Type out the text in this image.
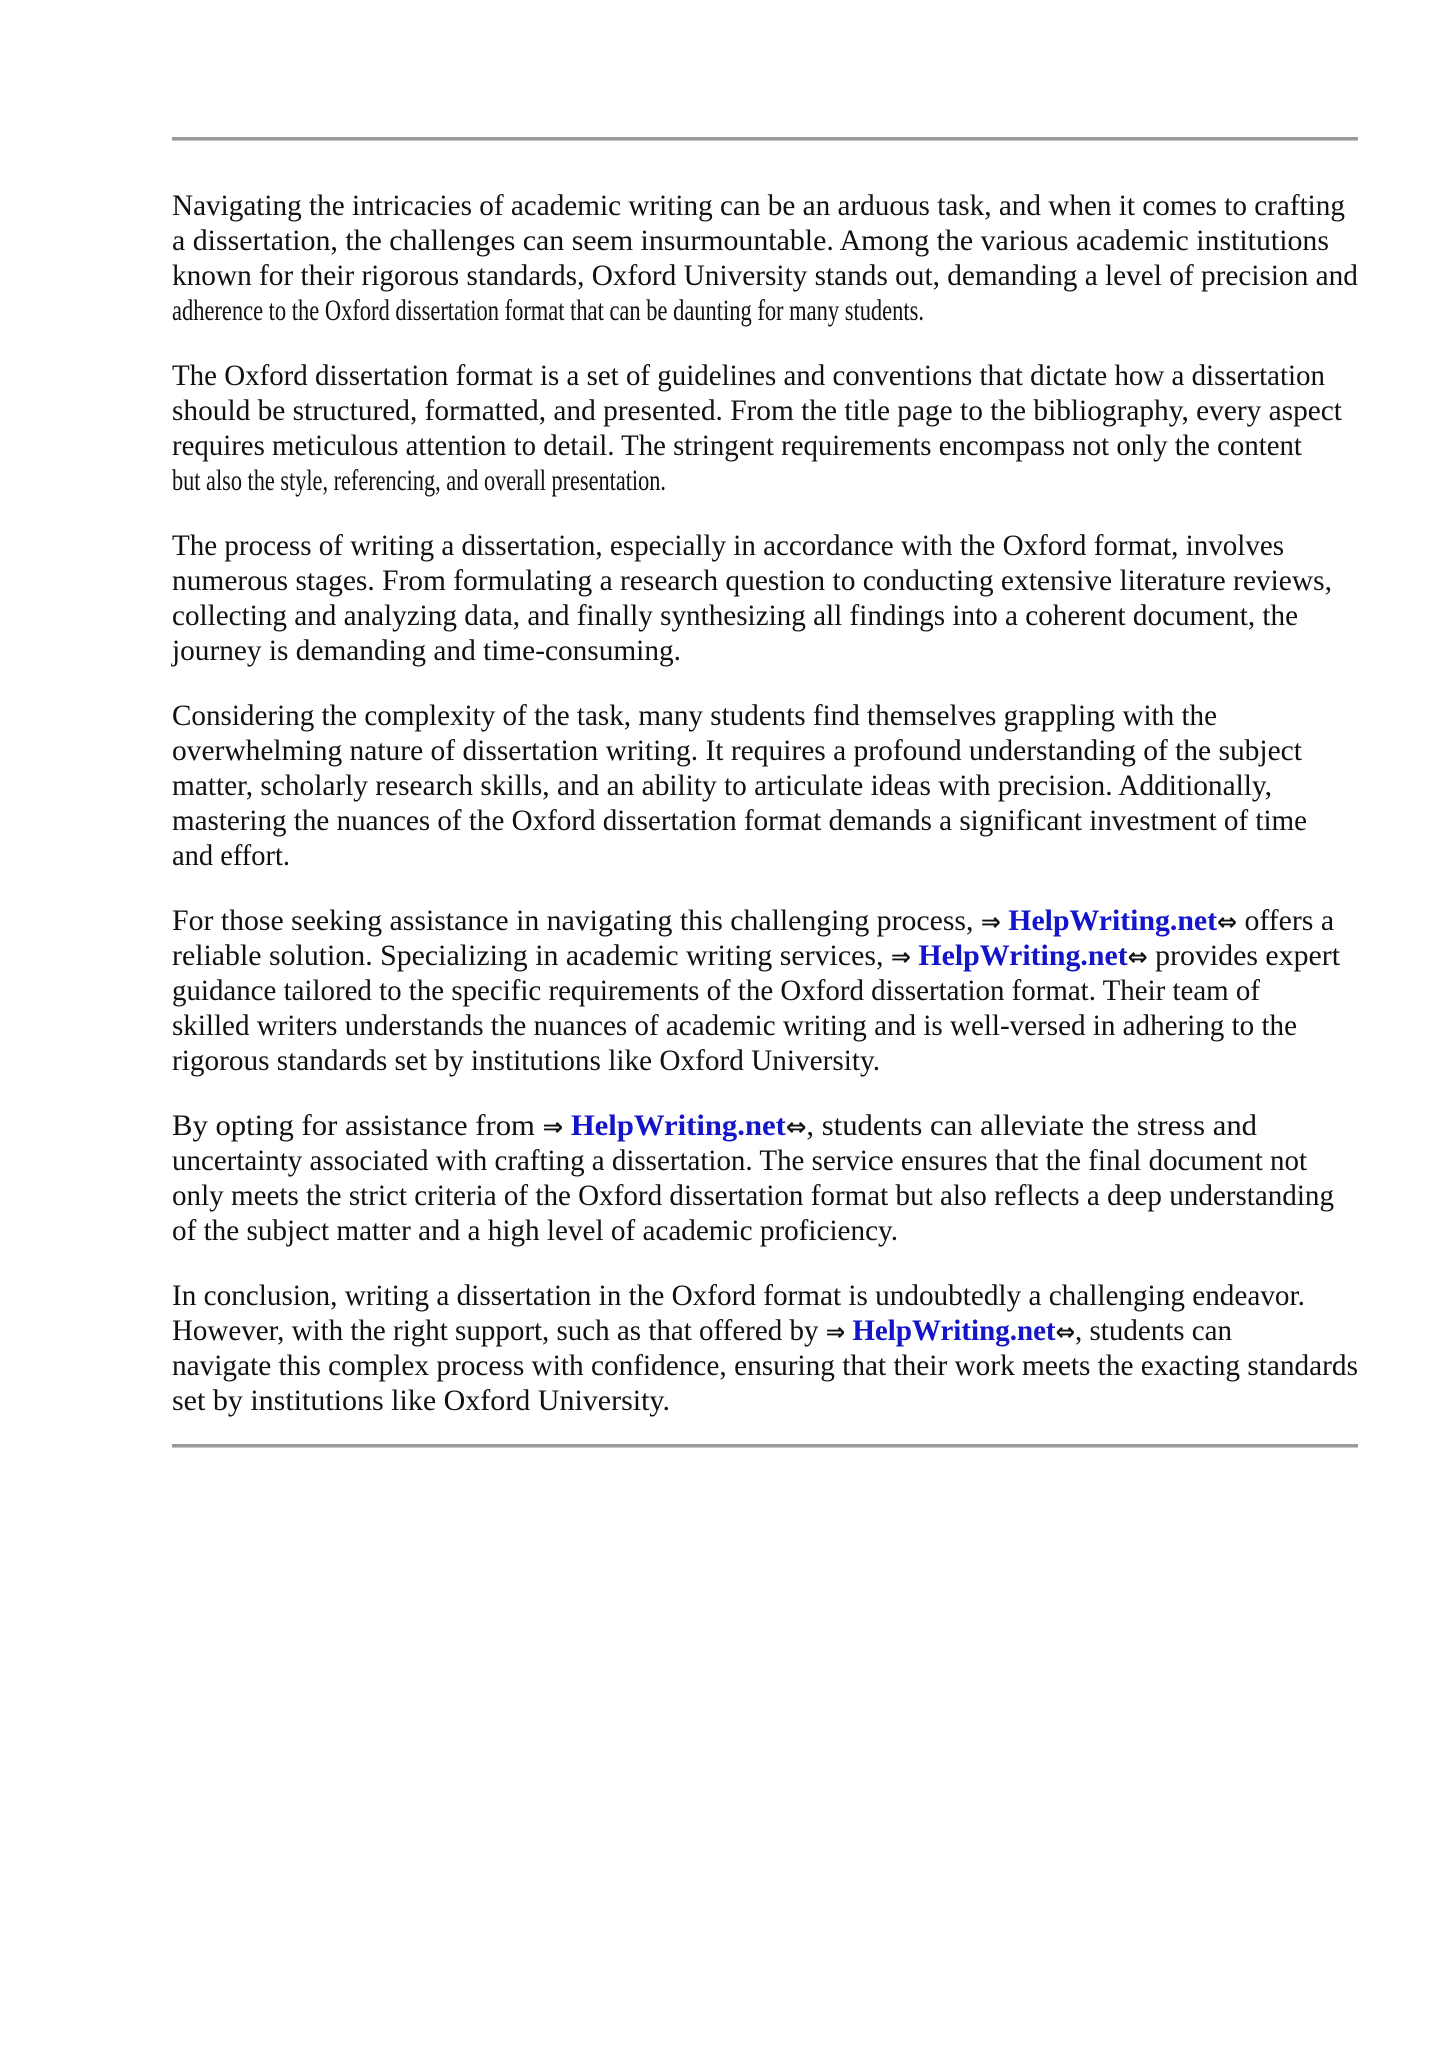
Navigating the intricacies of academic writing can be an arduous task, and when it comes to crafting
a dissertation, the challenges can seem insurmountable. Among the various academic institutions
known for their rigorous standards, Oxford University stands out, demanding a level of precision and
adherence to the Oxford dissertation format that can be daunting for many students.
The Oxford dissertation format is a set of guidelines and conventions that dictate how a dissertation
should be structured, formatted, and presented. From the title page to the bibliography, every aspect
requires meticulous attention to detail. The stringent requirements encompass not only the content
but also the style, referencing, and overall presentation.
The process of writing a dissertation, especially in accordance with the Oxford format, involves
numerous stages. From formulating a research question to conducting extensive literature reviews,
collecting and analyzing data, and finally synthesizing all findings into a coherent document, the
journey is demanding and time-consuming.
Considering the complexity of the task, many students find themselves grappling with the
overwhelming nature of dissertation writing. It requires a profound understanding of the subject
matter, scholarly research skills, and an ability to articulate ideas with precision. Additionally,
mastering the nuances of the Oxford dissertation format demands a significant investment of time
and effort.
For those seeking assistance in navigating this challenging process, ⇒ HelpWriting.net⇔ offers a
reliable solution. Specializing in academic writing services, ⇒ HelpWriting.net⇔ provides expert
guidance tailored to the specific requirements of the Oxford dissertation format. Their team of
skilled writers understands the nuances of academic writing and is well-versed in adhering to the
rigorous standards set by institutions like Oxford University.
By opting for assistance from ⇒ HelpWriting.net⇔, students can alleviate the stress and
uncertainty associated with crafting a dissertation. The service ensures that the final document not
only meets the strict criteria of the Oxford dissertation format but also reflects a deep understanding
of the subject matter and a high level of academic proficiency.
In conclusion, writing a dissertation in the Oxford format is undoubtedly a challenging endeavor.
However, with the right support, such as that offered by ⇒ HelpWriting.net⇔, students can
navigate this complex process with confidence, ensuring that their work meets the exacting standards
set by institutions like Oxford University.
